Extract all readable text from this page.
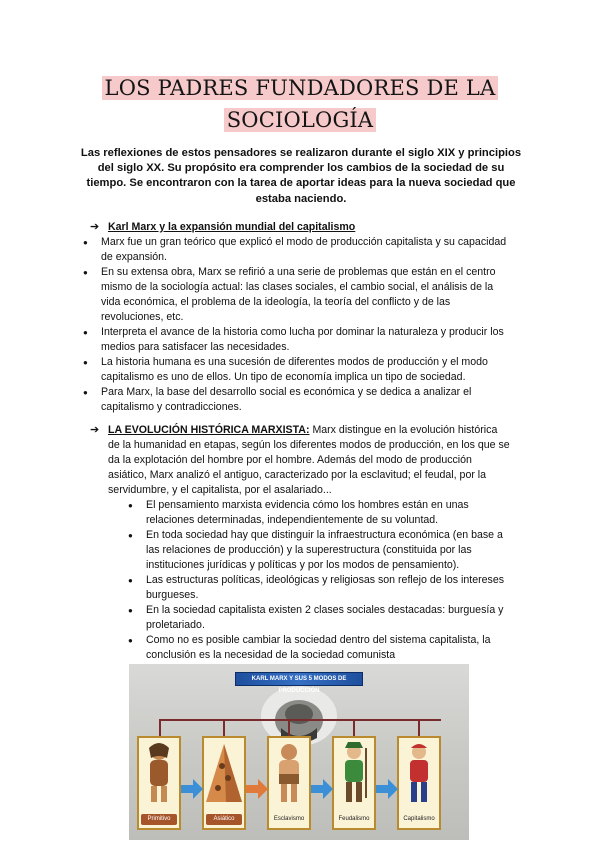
LOS PADRES FUNDADORES DE LA
SOCIOLOGÍA
Las reflexiones de estos pensadores se realizaron durante el siglo XIX y principios del siglo XX. Su propósito era comprender los cambios de la sociedad de su tiempo. Se encontraron con la tarea de aportar ideas para la nueva sociedad que estaba naciendo.
➔ Karl Marx y la expansión mundial del capitalismo
● Marx fue un gran teórico que explicó el modo de producción capitalista y su capacidad de expansión.
● En su extensa obra, Marx se refirió a una serie de problemas que están en el centro mismo de la sociología actual: las clases sociales, el cambio social, el análisis de la vida económica, el problema de la ideología, la teoría del conflicto y de las revoluciones, etc.
● Interpreta el avance de la historia como lucha por dominar la naturaleza y producir los medios para satisfacer las necesidades.
● La historia humana es una sucesión de diferentes modos de producción y el modo capitalismo es uno de ellos. Un tipo de economía implica un tipo de sociedad.
● Para Marx, la base del desarrollo social es económica y se dedica a analizar el capitalismo y contradicciones.
➔ LA EVOLUCIÓN HISTÓRICA MARXISTA: Marx distingue en la evolución histórica de la humanidad en etapas, según los diferentes modos de producción, en los que se da la explotación del hombre por el hombre. Además del modo de producción asiático, Marx analizó el antiguo, caracterizado por la esclavitud; el feudal, por la servidumbre, y el capitalista, por el asalariado...
● El pensamiento marxista evidencia cómo los hombres están en unas relaciones determinadas, independientemente de su voluntad.
● En toda sociedad hay que distinguir la infraestructura económica (en base a las relaciones de producción) y la superestructura (constituida por las instituciones jurídicas y políticas y por los modos de pensamiento).
● Las estructuras políticas, ideológicas y religiosas son reflejo de los intereses burgueses.
● En la sociedad capitalista existen 2 clases sociales destacadas: burguesía y proletariado.
● Como no es posible cambiar la sociedad dentro del sistema capitalista, la conclusión es la necesidad de la sociedad comunista
KARL MARX Y SUS 5 MODOS DE PRODUCCIÓN
Primitivo	Asiático	Esclavismo	Feudalismo	Capitalismo
